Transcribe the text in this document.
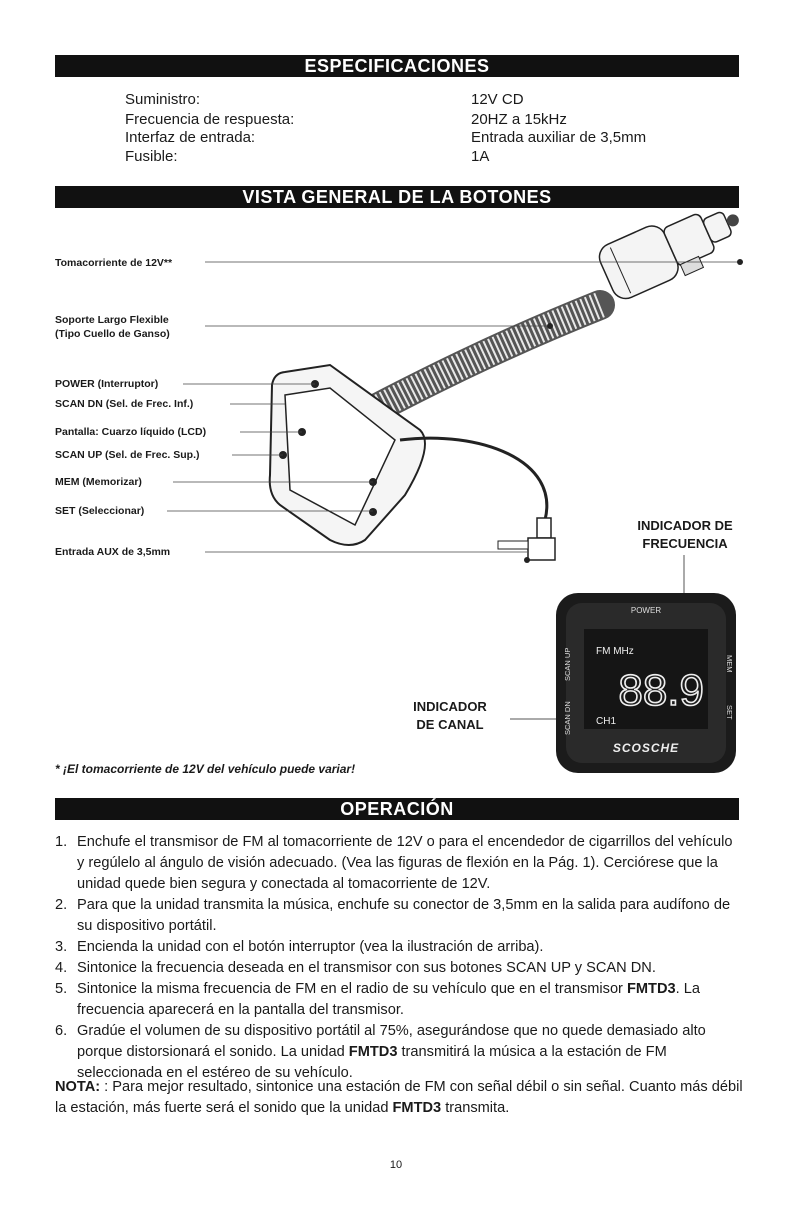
ESPECIFICACIONES
Suministro:	12V CD
Frecuencia de respuesta:	20HZ a 15kHz
Interfaz de entrada:	Entrada auxiliar de 3,5mm
Fusible:	1A
VISTA GENERAL DE LA BOTONES
Tomacorriente de 12V**
Soporte Largo Flexible
(Tipo Cuello de Ganso)
POWER (Interruptor)
SCAN DN (Sel. de Frec. Inf.)
Pantalla: Cuarzo líquido (LCD)
SCAN UP (Sel. de Frec. Sup.)
MEM (Memorizar)
SET (Seleccionar)
Entrada AUX de 3,5mm
INDICADOR DE
FRECUENCIA
INDICADOR
DE CANAL
POWER
SCAN UP
SCAN DN
MEM
SET
FM MHz
88.9
CH1
SCOSCHE
* ¡El tomacorriente de 12V del vehículo puede variar!
OPERACIÓN
1. Enchufe el transmisor de FM al tomacorriente de 12V o para el encendedor de cigarrillos del vehículo y regúlelo al ángulo de visión adecuado. (Vea las figuras de flexión en la Pág. 1). Cerciórese que la unidad quede bien segura y conectada al tomacorriente de 12V.
2. Para que la unidad transmita la música, enchufe su conector de 3,5mm en la salida para audífono de su dispositivo portátil.
3. Encienda la unidad con el botón interruptor (vea la ilustración de arriba).
4. Sintonice la frecuencia deseada en el transmisor con sus botones SCAN UP y SCAN DN.
5. Sintonice la misma frecuencia de FM en el radio de su vehículo que en el transmisor FMTD3. La frecuencia aparecerá en la pantalla del transmisor.
6. Gradúe el volumen de su dispositivo portátil al 75%, asegurándose que no quede demasiado alto porque distorsionará el sonido. La unidad FMTD3 transmitirá la música a la estación de FM seleccionada en el estéreo de su vehículo.
NOTA: : Para mejor resultado, sintonice una estación de FM con señal débil o sin señal. Cuanto más débil la estación, más fuerte será el sonido que la unidad FMTD3 transmita.
10
